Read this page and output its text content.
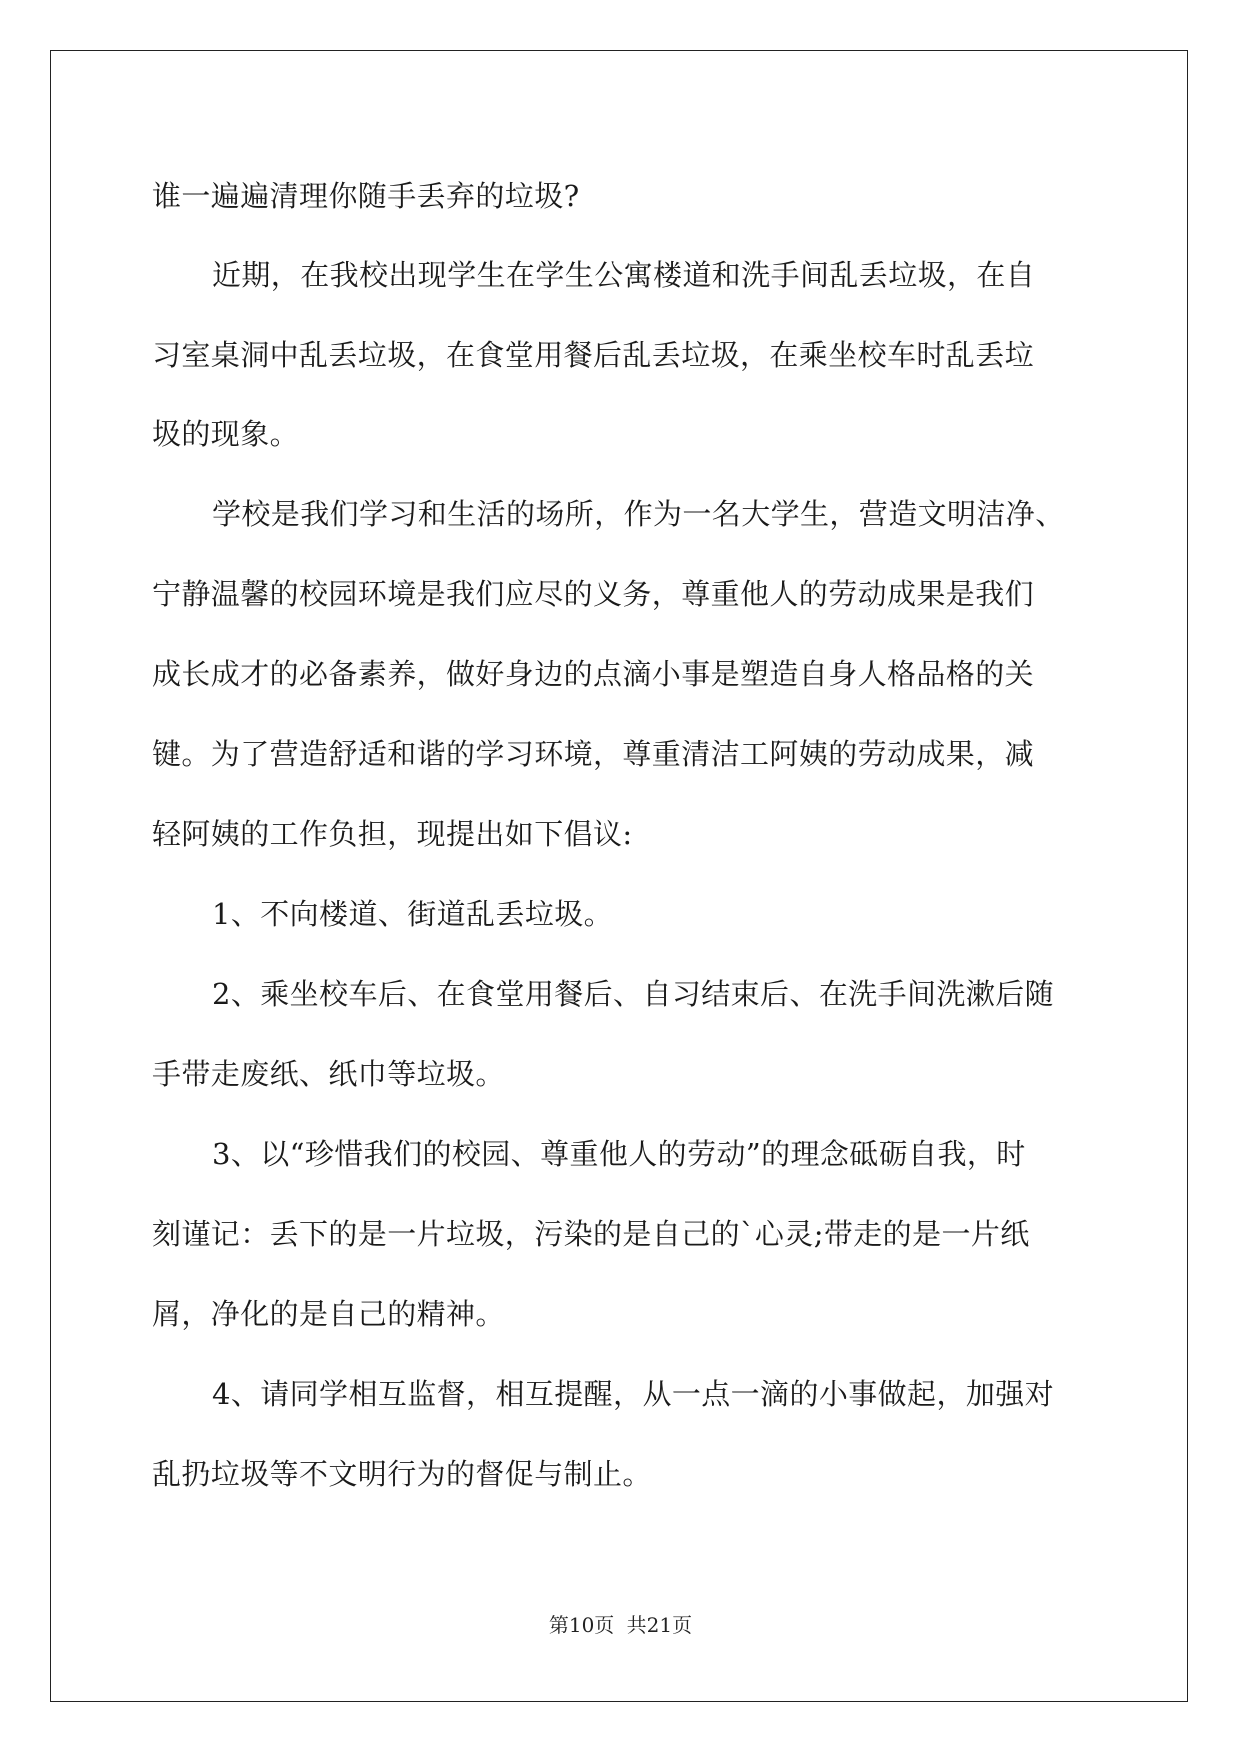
谁一遍遍清理你随手丢弃的垃圾?
近期，在我校出现学生在学生公寓楼道和洗手间乱丢垃圾，在自
习室桌洞中乱丢垃圾，在食堂用餐后乱丢垃圾，在乘坐校车时乱丢垃
圾的现象。
学校是我们学习和生活的场所，作为一名大学生，营造文明洁净、
宁静温馨的校园环境是我们应尽的义务，尊重他人的劳动成果是我们
成长成才的必备素养，做好身边的点滴小事是塑造自身人格品格的关
键。为了营造舒适和谐的学习环境，尊重清洁工阿姨的劳动成果，减
轻阿姨的工作负担，现提出如下倡议:
1、不向楼道、街道乱丢垃圾。
2、乘坐校车后、在食堂用餐后、自习结束后、在洗手间洗漱后随
手带走废纸、纸巾等垃圾。
3、以“珍惜我们的校园、尊重他人的劳动”的理念砥砺自我，时
刻谨记：丢下的是一片垃圾，污染的是自己的`心灵;带走的是一片纸
屑，净化的是自己的精神。
4、请同学相互监督，相互提醒，从一点一滴的小事做起，加强对
乱扔垃圾等不文明行为的督促与制止。
第10页 共21页
